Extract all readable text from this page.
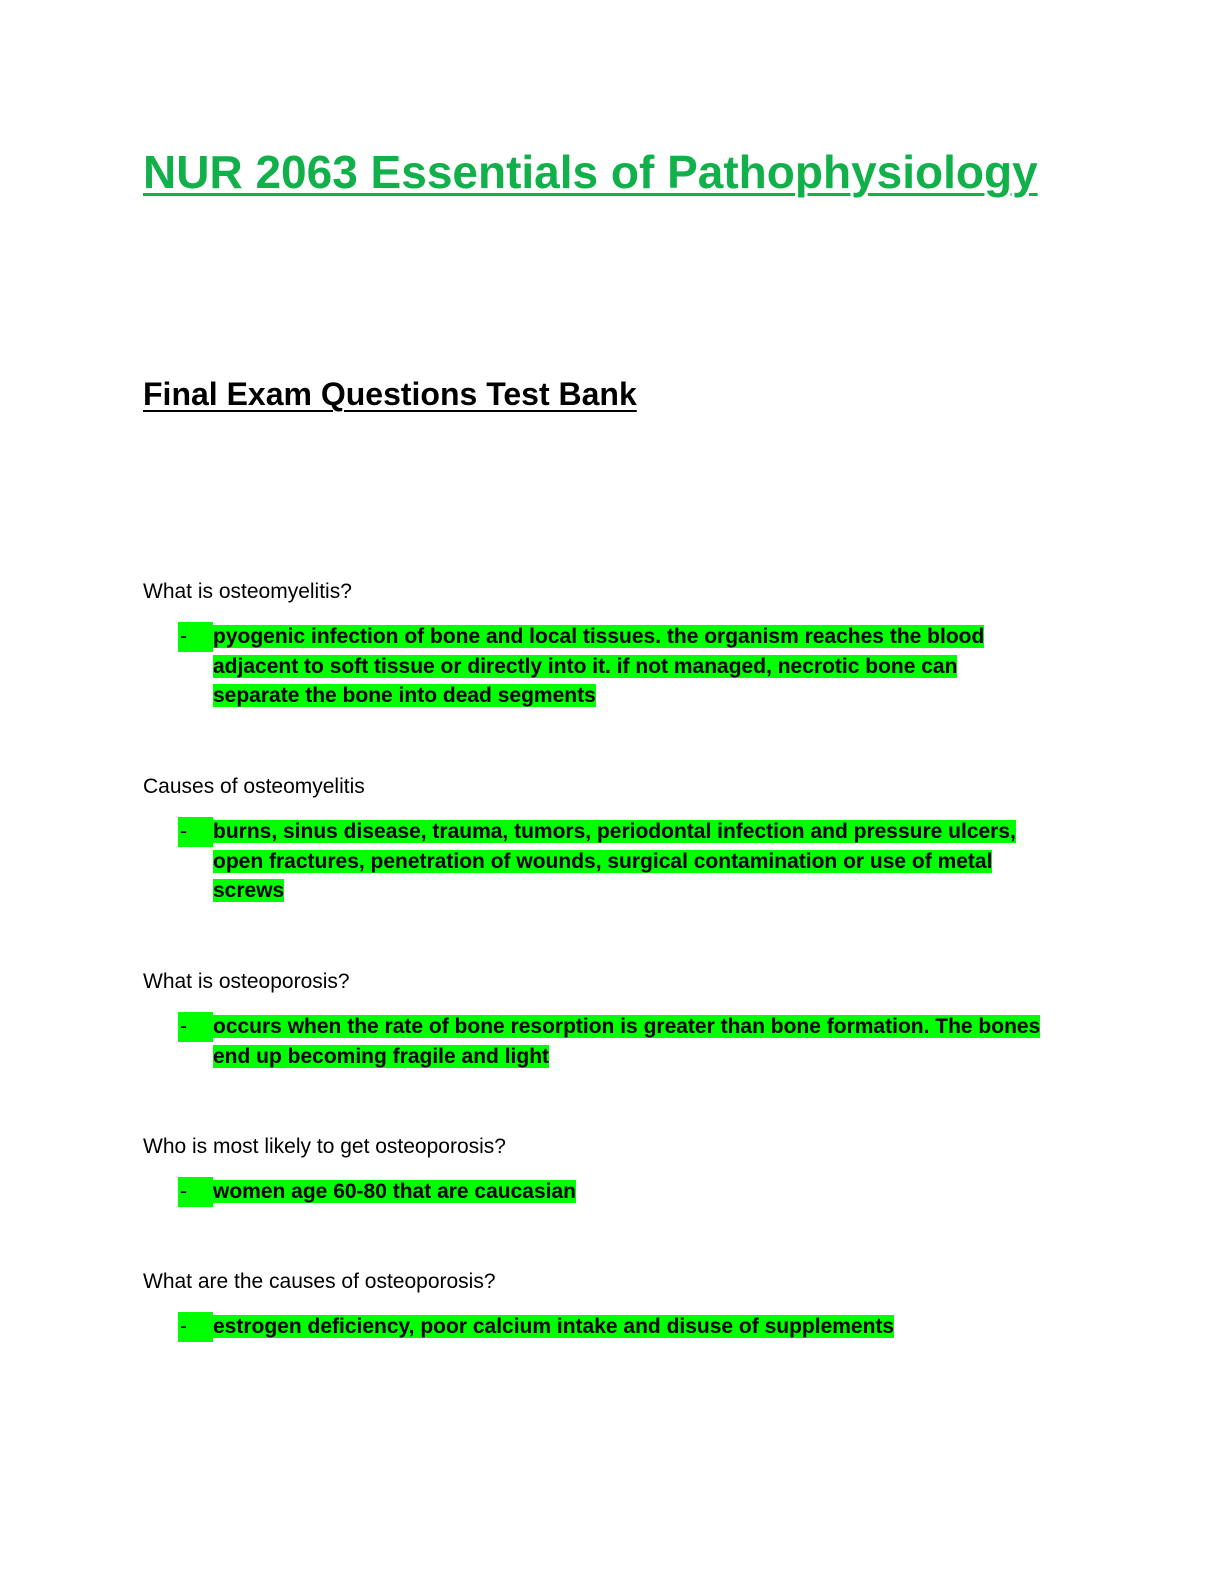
NUR 2063 Essentials of Pathophysiology
Final Exam Questions Test Bank

What is osteomyelitis?

-	pyogenic infection of bone and local tissues. the organism reaches the blood adjacent to soft tissue or directly into it. if not managed, necrotic bone can separate the bone into dead segments

Causes of osteomyelitis

-	burns, sinus disease, trauma, tumors, periodontal infection and pressure ulcers, open fractures, penetration of wounds, surgical contamination or use of metal screws

What is osteoporosis?

-	occurs when the rate of bone resorption is greater than bone formation. The bones end up becoming fragile and light

Who is most likely to get osteoporosis?

-	women age 60-80 that are caucasian

What are the causes of osteoporosis?

-	estrogen deficiency, poor calcium intake and disuse of supplements
